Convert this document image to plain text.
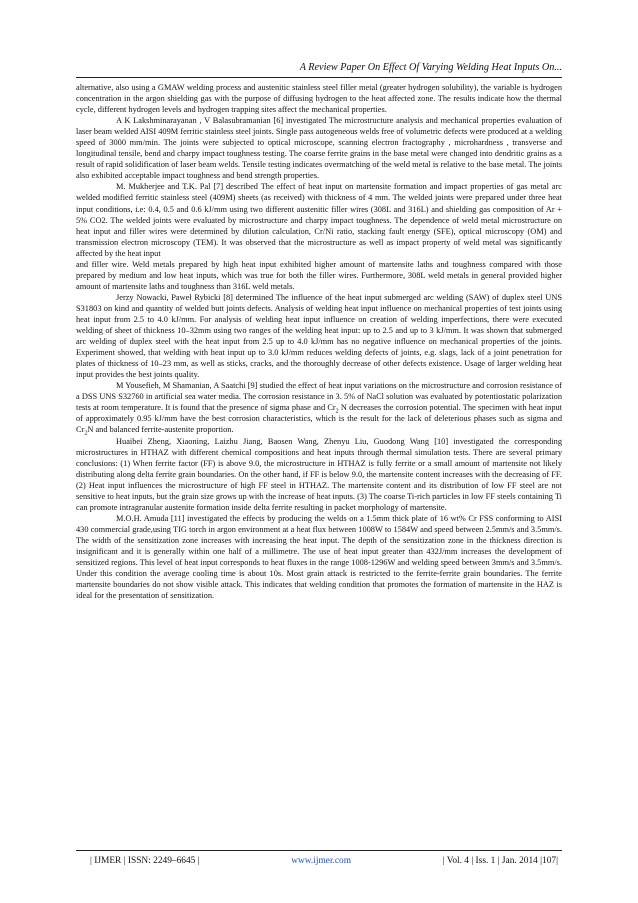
A Review Paper On Effect Of Varying Welding Heat Inputs On...

alternative, also using a GMAW welding process and austenitic stainless steel filler metal (greater hydrogen solubility), the variable is hydrogen concentration in the argon shielding gas with the purpose of diffusing hydrogen to the heat affected zone. The results indicate how the thermal cycle, different hydrogen levels and hydrogen trapping sites affect the mechanical properties.

A K Lakshminarayanan , V Balasubramanian [6] investigated The microstructure analysis and mechanical properties evaluation of laser beam welded AISI 409M ferritic stainless steel joints. Single pass autogeneous welds free of volumetric defects were produced at a welding speed of 3000 mm/min. The joints were subjected to optical microscope, scanning electron fractography , microhardness , transverse and longitudinal tensile, bend and charpy impact toughness testing. The coarse ferrite grains in the base metal were changed into dendritic grains as a result of rapid solidification of laser beam welds. Tensile testing indicates overmatching of the weld metal is relative to the base metal. The joints also exhibited acceptable impact toughness and bend strength properties.

M. Mukherjee and T.K. Pal [7] described The effect of heat input on martensite formation and impact properties of gas metal arc welded modified ferritic stainless steel (409M) sheets (as received) with thickness of 4 mm. The welded joints were prepared under three heat input conditions, i.e: 0.4, 0.5 and 0.6 kJ/mm using two different austenitic filler wires (308L and 316L) and shielding gas composition of Ar + 5% CO2. The welded joints were evaluated by microstructure and charpy impact toughness. The dependence of weld metal microstructure on heat input and filler wires were determined by dilution calculation, Cr/Ni ratio, stacking fault energy (SFE), optical microscopy (OM) and transmission electron microscopy (TEM). It was observed that the microstructure as well as impact property of weld metal was significantly affected by the heat input

and filler wire. Weld metals prepared by high heat input exhibited higher amount of martensite laths and toughness compared with those prepared by medium and low heat inputs, which was true for both the filler wires. Furthermore, 308L weld metals in general provided higher amount of martensite laths and toughness than 316L weld metals.

Jerzy Nowacki, Paweł Rybicki [8] determined The influence of the heat input submerged arc welding (SAW) of duplex steel UNS S31803 on kind and quantity of welded butt joints defects. Analysis of welding heat input influence on mechanical properties of test joints using heat input from 2.5 to 4.0 kJ/mm. For analysis of welding heat input influence on creation of welding imperfections, there were executed welding of sheet of thickness 10–32mm using two ranges of the welding heat input: up to 2.5 and up to 3 kJ/mm. It was shown that submerged arc welding of duplex steel with the heat input from 2.5 up to 4.0 kJ/mm has no negative influence on mechanical properties of the joints. Experiment showed, that welding with heat input up to 3.0 kJ/mm reduces welding defects of joints, e.g. slags, lack of a joint penetration for plates of thickness of 10–23 mm, as well as sticks, cracks, and the thoroughly decrease of other defects existence. Usage of larger welding heat input provides the best joints quality.

M Yousefieh, M Shamanian, A Saatchi [9] studied the effect of heat input variations on the microstructure and corrosion resistance of a DSS UNS S32760 in artificial sea water media. The corrosion resistance in 3. 5% of NaCl solution was evaluated by potentiostatic polarization tests at room temperature. It is found that the presence of sigma phase and $Cr_2$ N decreases the corrosion potential. The specimen with heat input of approximately 0.95 kJ/mm have the best corrosion characteristics, which is the result for the lack of deleterious phases such as sigma and $Cr_2N$ and balanced ferrite-austenite proportion.

Huaibei Zheng, Xiaoning, Laizhu Jiang, Baosen Wang, Zhenyu Liu, Guodong Wang [10] investigated the corresponding microstructures in HTHAZ with different chemical compositions and heat inputs through thermal simulation tests. There are several primary conclusions: (1) When ferrite factor (FF) is above 9.0, the microstructure in HTHAZ is fully ferrite or a small amount of martensite not likely distributing along delta ferrite grain boundaries. On the other hand, if FF is below 9.0, the martensite content increases with the decreasing of FF. (2) Heat input influences the microstructure of high FF steel in HTHAZ. The martensite content and its distribution of low FF steel are not sensitive to heat inputs, but the grain size grows up with the increase of heat inputs. (3) The coarse Ti-rich particles in low FF steels containing Ti can promote intragranular austenite formation inside delta ferrite resulting in packet morphology of martensite.

M.O.H. Amuda [11] investigated the effects by producing the welds on a 1.5mm thick plate of 16 wt% Cr FSS conforming to AISI 430 commercial grade,using TIG torch in argon environment at a heat flux between 1008W to 1584W and speed between 2.5mm/s and 3.5mm/s. The width of the sensitization zone increases with increasing the heat input. The depth of the sensitization zone in the thickness direction is insignificant and it is generally within one half of a millimetre. The use of heat input greater than 432J/mm increases the development of sensitized regions. This level of heat input corresponds to heat fluxes in the range 1008-1296W and welding speed between 3mm/s and 3.5mm/s. Under this condition the average cooling time is about 10s. Most grain attack is restricted to the ferrite-ferrite grain boundaries. The ferrite martensite boundaries do not show visible attack. This indicates that welding condition that promotes the formation of martensite in the HAZ is ideal for the presentation of sensitization.

| IJMER | ISSN: 2249–6645 |	www.ijmer.com	| Vol. 4 | Iss. 1 | Jan. 2014 |107|
